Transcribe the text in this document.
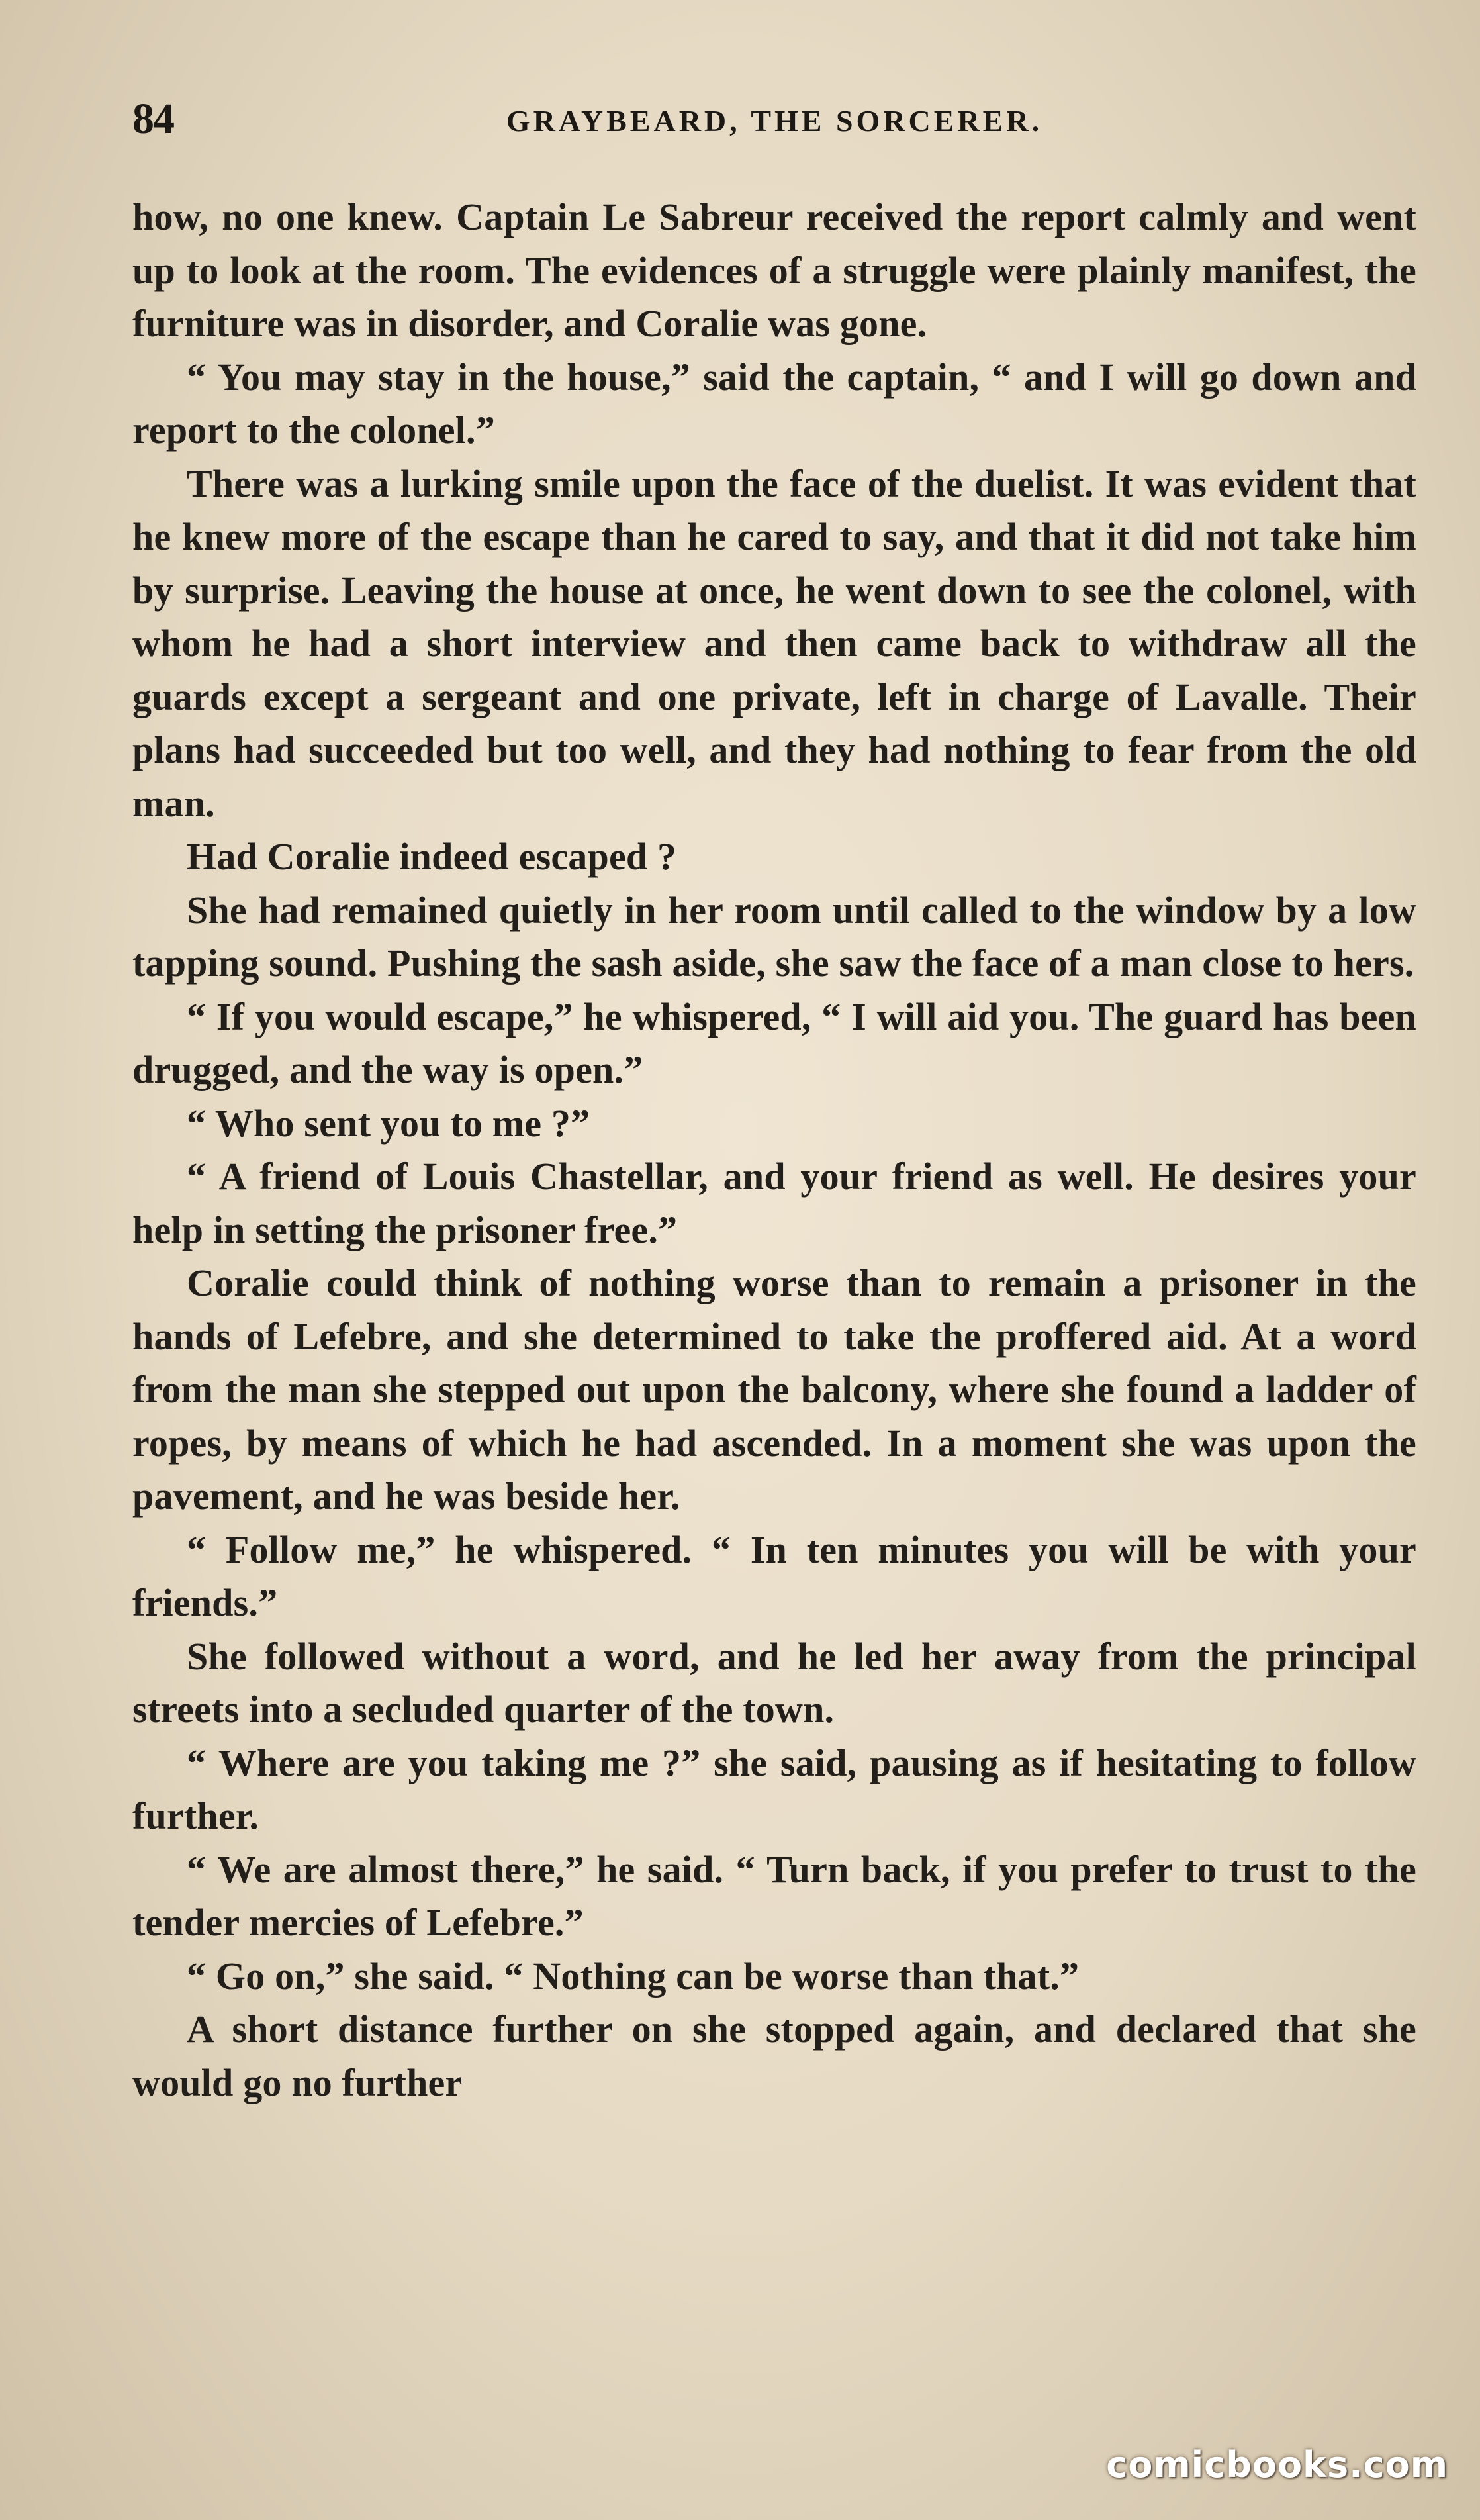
84	GRAYBEARD, THE SORCERER.

how, no one knew. Captain Le Sabreur received the report calmly and went up to look at the room. The evidences of a struggle were plainly manifest, the furniture was in disorder, and Coralie was gone.

“ You may stay in the house,” said the captain, “ and I will go down and report to the colonel.”

There was a lurking smile upon the face of the duelist. It was evident that he knew more of the escape than he cared to say, and that it did not take him by surprise. Leaving the house at once, he went down to see the colonel, with whom he had a short interview and then came back to withdraw all the guards except a sergeant and one private, left in charge of Lavalle. Their plans had succeeded but too well, and they had nothing to fear from the old man.

Had Coralie indeed escaped ?

She had remained quietly in her room until called to the window by a low tapping sound. Pushing the sash aside, she saw the face of a man close to hers.

“ If you would escape,” he whispered, “ I will aid you. The guard has been drugged, and the way is open.”

“ Who sent you to me ?”

“ A friend of Louis Chastellar, and your friend as well. He desires your help in setting the prisoner free.”

Coralie could think of nothing worse than to remain a prisoner in the hands of Lefebre, and she determined to take the proffered aid. At a word from the man she stepped out upon the balcony, where she found a ladder of ropes, by means of which he had ascended. In a moment she was upon the pavement, and he was beside her.

“ Follow me,” he whispered. “ In ten minutes you will be with your friends.”

She followed without a word, and he led her away from the principal streets into a secluded quarter of the town.

“ Where are you taking me ?” she said, pausing as if hesitating to follow further.

“ We are almost there,” he said. “ Turn back, if you prefer to trust to the tender mercies of Lefebre.”

“ Go on,” she said. “ Nothing can be worse than that.”

A short distance further on she stopped again, and declared that she would go no further

comicbooks.com
